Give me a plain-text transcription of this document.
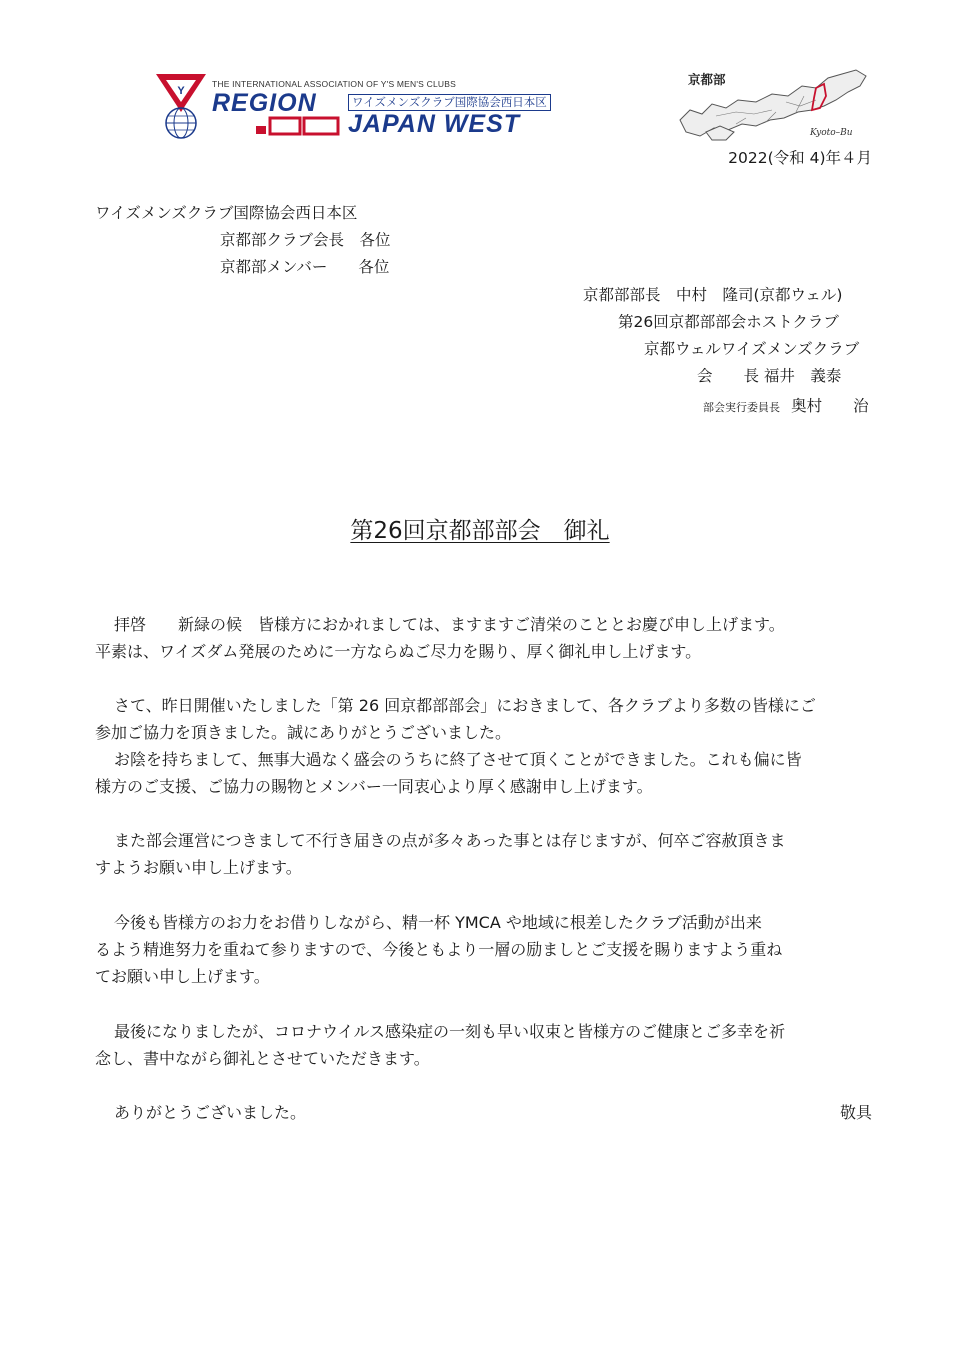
Y
THE INTERNATIONAL ASSOCIATION OF Y'S MEN'S CLUBS
REGION	ワイズメンズクラブ国際協会西日本区
JAPAN WEST
京都部
Kyoto–Bu
2022(令和 4)年４月
ワイズメンズクラブ国際協会西日本区
京都部クラブ会長　各位
京都部メンバー　　各位
京都部部長　中村　隆司(京都ウェル)
第26回京都部部会ホストクラブ
京都ウェルワイズメンズクラブ
会　　長 福井　義泰
部会実行委員長 奥村　　治
第26回京都部部会　御礼
拝啓　　新緑の候　皆様方におかれましては、ますますご清栄のこととお慶び申し上げます。
平素は、ワイズダム発展のために一方ならぬご尽力を賜り、厚く御礼申し上げます。
さて、昨日開催いたしました「第 26 回京都部部会」におきまして、各クラブより多数の皆様にご
参加ご協力を頂きました。誠にありがとうございました。
お陰を持ちまして、無事大過なく盛会のうちに終了させて頂くことができました。これも偏に皆
様方のご支援、ご協力の賜物とメンバー一同衷心より厚く感謝申し上げます。
また部会運営につきまして不行き届きの点が多々あった事とは存じますが、何卒ご容赦頂きま
すようお願い申し上げます。
今後も皆様方のお力をお借りしながら、精一杯 YMCA や地域に根差したクラブ活動が出来
るよう精進努力を重ねて参りますので、今後ともより一層の励ましとご支援を賜りますよう重ね
てお願い申し上げます。
最後になりましたが、コロナウイルス感染症の一刻も早い収束と皆様方のご健康とご多幸を祈
念し、書中ながら御礼とさせていただきます。
ありがとうございました。	敬具
